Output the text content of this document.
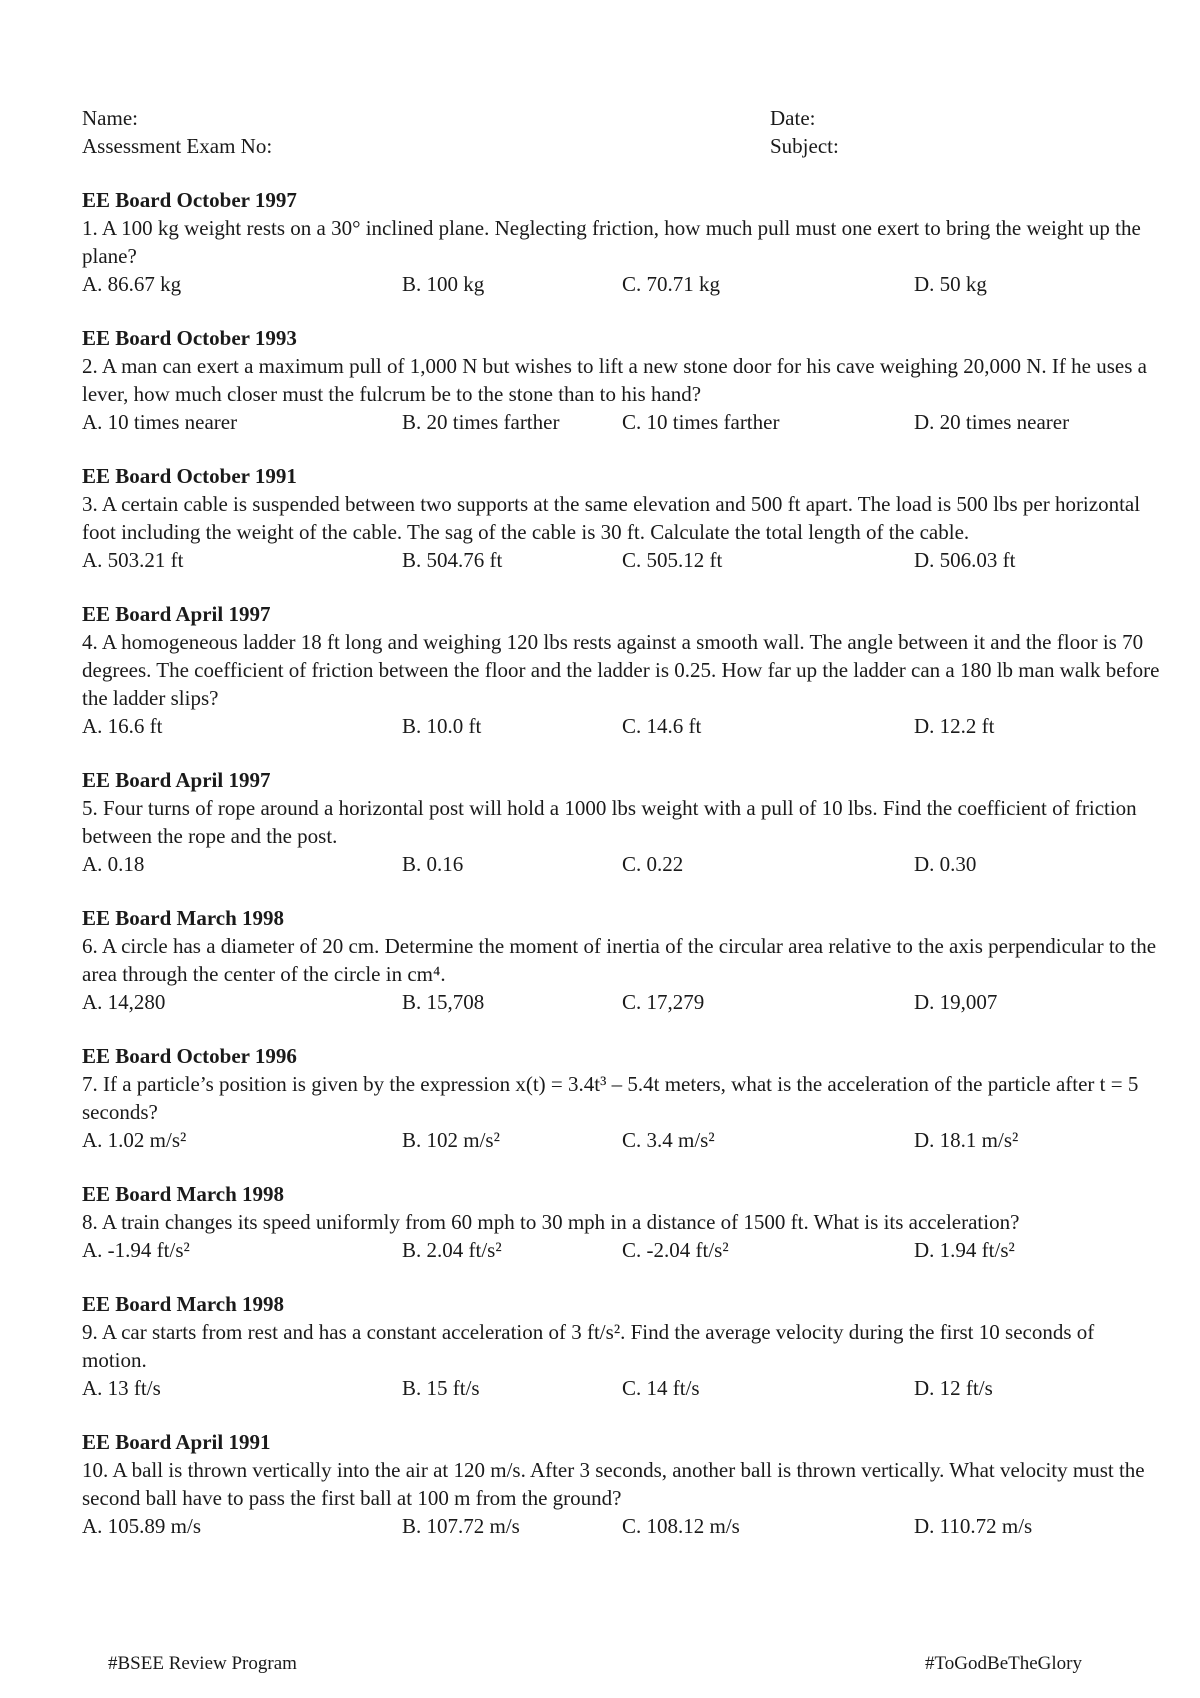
Name:	Date:
Assessment Exam No:	Subject:
EE Board October 1997
1. A 100 kg weight rests on a 30° inclined plane. Neglecting friction, how much pull must one exert to bring the weight up the plane?
A. 86.67 kg	B. 100 kg	C. 70.71 kg	D. 50 kg
EE Board October 1993
2. A man can exert a maximum pull of 1,000 N but wishes to lift a new stone door for his cave weighing 20,000 N. If he uses a lever, how much closer must the fulcrum be to the stone than to his hand?
A. 10 times nearer	B. 20 times farther	C. 10 times farther	D. 20 times nearer
EE Board October 1991
3. A certain cable is suspended between two supports at the same elevation and 500 ft apart. The load is 500 lbs per horizontal foot including the weight of the cable. The sag of the cable is 30 ft. Calculate the total length of the cable.
A. 503.21 ft	B. 504.76 ft	C. 505.12 ft	D. 506.03 ft
EE Board April 1997
4. A homogeneous ladder 18 ft long and weighing 120 lbs rests against a smooth wall. The angle between it and the floor is 70 degrees. The coefficient of friction between the floor and the ladder is 0.25. How far up the ladder can a 180 lb man walk before the ladder slips?
A. 16.6 ft	B. 10.0 ft	C. 14.6 ft	D. 12.2 ft
EE Board April 1997
5. Four turns of rope around a horizontal post will hold a 1000 lbs weight with a pull of 10 lbs. Find the coefficient of friction between the rope and the post.
A. 0.18	B. 0.16	C. 0.22	D. 0.30
EE Board March 1998
6. A circle has a diameter of 20 cm. Determine the moment of inertia of the circular area relative to the axis perpendicular to the area through the center of the circle in cm⁴.
A. 14,280	B. 15,708	C. 17,279	D. 19,007
EE Board October 1996
7. If a particle’s position is given by the expression x(t) = 3.4t³ – 5.4t meters, what is the acceleration of the particle after t = 5 seconds?
A. 1.02 m/s²	B. 102 m/s²	C. 3.4 m/s²	D. 18.1 m/s²
EE Board March 1998
8. A train changes its speed uniformly from 60 mph to 30 mph in a distance of 1500 ft. What is its acceleration?
A. -1.94 ft/s²	B. 2.04 ft/s²	C. -2.04 ft/s²	D. 1.94 ft/s²
EE Board March 1998
9. A car starts from rest and has a constant acceleration of 3 ft/s². Find the average velocity during the first 10 seconds of motion.
A. 13 ft/s	B. 15 ft/s	C. 14 ft/s	D. 12 ft/s
EE Board April 1991
10. A ball is thrown vertically into the air at 120 m/s. After 3 seconds, another ball is thrown vertically. What velocity must the second ball have to pass the first ball at 100 m from the ground?
A. 105.89 m/s	B. 107.72 m/s	C. 108.12 m/s	D. 110.72 m/s
#BSEE Review Program	#ToGodBeTheGlory
